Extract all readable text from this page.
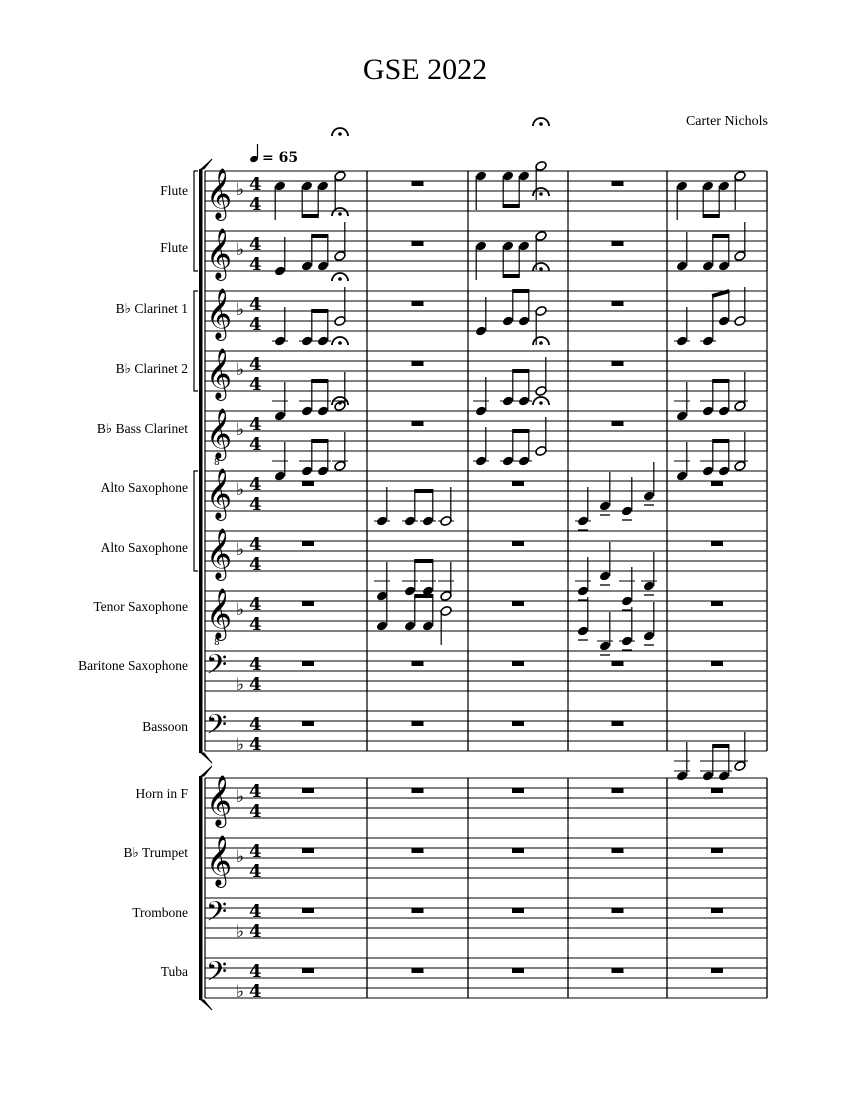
GSE 2022
Carter Nichols
Flute
Flute
B♭ Clarinet 1
B♭ Clarinet 2
B♭ Bass Clarinet
Alto Saxophone
Alto Saxophone
Tenor Saxophone
Baritone Saxophone
Bassoon
Horn in F
B♭ Trumpet
Trombone
Tuba
𝄞 ♭ 4
4
𝄞 ♭ 4
4
𝄞 ♭ 4
4
𝄞 ♭ 4
4
𝄞
8
♭ 4
4
𝄞 ♭ 4
4
𝄞 ♭ 4
4
𝄞
8
♭ 4
4
𝄢 ♭
4
4
𝄢 ♭
4
4
𝄞 ♭ 4
4
𝄞 ♭ 4
4
𝄢 ♭
4
4
𝄢 ♭
4
4
= 65
